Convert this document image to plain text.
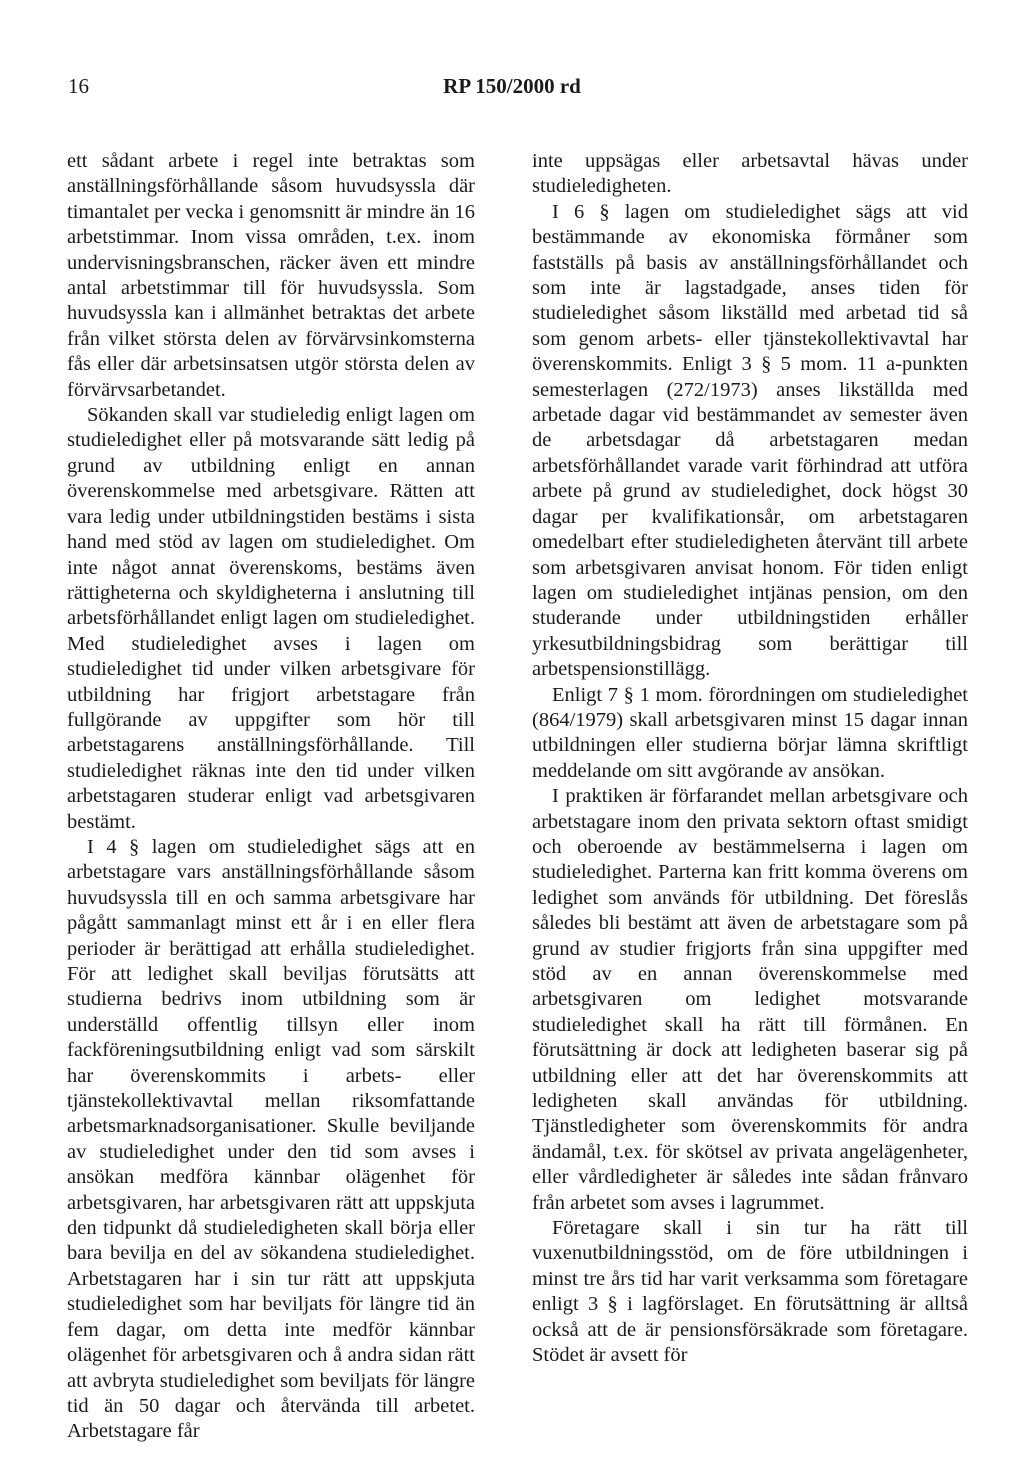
16	RP 150/2000 rd

ett sådant arbete i regel inte betraktas som anställningsförhållande såsom huvudsyssla där timantalet per vecka i genomsnitt är mindre än 16 arbetstimmar. Inom vissa områden, t.ex. inom undervisningsbranschen, räcker även ett mindre antal arbetstimmar till för huvudsyssla. Som huvudsyssla kan i allmänhet betraktas det arbete från vilket största delen av förvärvsinkomsterna fås eller där arbetsinsatsen utgör största delen av förvärvsarbetandet.

Sökanden skall var studieledig enligt lagen om studieledighet eller på motsvarande sätt ledig på grund av utbildning enligt en annan överenskommelse med arbetsgivare. Rätten att vara ledig under utbildningstiden bestäms i sista hand med stöd av lagen om studieledighet. Om inte något annat överenskoms, bestäms även rättigheterna och skyldigheterna i anslutning till arbetsförhållandet enligt lagen om studieledighet. Med studieledighet avses i lagen om studieledighet tid under vilken arbetsgivare för utbildning har frigjort arbetstagare från fullgörande av uppgifter som hör till arbetstagarens anställningsförhållande. Till studieledighet räknas inte den tid under vilken arbetstagaren studerar enligt vad arbetsgivaren bestämt.

I 4 § lagen om studieledighet sägs att en arbetstagare vars anställningsförhållande såsom huvudsyssla till en och samma arbetsgivare har pågått sammanlagt minst ett år i en eller flera perioder är berättigad att erhålla studieledighet. För att ledighet skall beviljas förutsätts att studierna bedrivs inom utbildning som är underställd offentlig tillsyn eller inom fackföreningsutbildning enligt vad som särskilt har överenskommits i arbets- eller tjänstekollektivavtal mellan riksomfattande arbetsmarknadsorganisationer. Skulle beviljande av studieledighet under den tid som avses i ansökan medföra kännbar olägenhet för arbetsgivaren, har arbetsgivaren rätt att uppskjuta den tidpunkt då studieledigheten skall börja eller bara bevilja en del av sökandena studieledighet. Arbetstagaren har i sin tur rätt att uppskjuta studieledighet som har beviljats för längre tid än fem dagar, om detta inte medför kännbar olägenhet för arbetsgivaren och å andra sidan rätt att avbryta studieledighet som beviljats för längre tid än 50 dagar och återvända till arbetet. Arbetstagare får

inte uppsägas eller arbetsavtal hävas under studieledigheten.

I 6 § lagen om studieledighet sägs att vid bestämmande av ekonomiska förmåner som fastställs på basis av anställningsförhållandet och som inte är lagstadgade, anses tiden för studieledighet såsom likställd med arbetad tid så som genom arbets- eller tjänstekollektivavtal har överenskommits. Enligt 3 § 5 mom. 11 a-punkten semesterlagen (272/1973) anses likställda med arbetade dagar vid bestämmandet av semester även de arbetsdagar då arbetstagaren medan arbetsförhållandet varade varit förhindrad att utföra arbete på grund av studieledighet, dock högst 30 dagar per kvalifikationsår, om arbetstagaren omedelbart efter studieledigheten återvänt till arbete som arbetsgivaren anvisat honom. För tiden enligt lagen om studieledighet intjänas pension, om den studerande under utbildningstiden erhåller yrkesutbildningsbidrag som berättigar till arbetspensionstillägg.

Enligt 7 § 1 mom. förordningen om studieledighet (864/1979) skall arbetsgivaren minst 15 dagar innan utbildningen eller studierna börjar lämna skriftligt meddelande om sitt avgörande av ansökan.

I praktiken är förfarandet mellan arbetsgivare och arbetstagare inom den privata sektorn oftast smidigt och oberoende av bestämmelserna i lagen om studieledighet. Parterna kan fritt komma överens om ledighet som används för utbildning. Det föreslås således bli bestämt att även de arbetstagare som på grund av studier frigjorts från sina uppgifter med stöd av en annan överenskommelse med arbetsgivaren om ledighet motsvarande studieledighet skall ha rätt till förmånen. En förutsättning är dock att ledigheten baserar sig på utbildning eller att det har överenskommits att ledigheten skall användas för utbildning. Tjänstledigheter som överenskommits för andra ändamål, t.ex. för skötsel av privata angelägenheter, eller vårdledigheter är således inte sådan frånvaro från arbetet som avses i lagrummet.

Företagare skall i sin tur ha rätt till vuxenutbildningsstöd, om de före utbildningen i minst tre års tid har varit verksamma som företagare enligt 3 § i lagförslaget. En förutsättning är alltså också att de är pensionsförsäkrade som företagare. Stödet är avsett för
